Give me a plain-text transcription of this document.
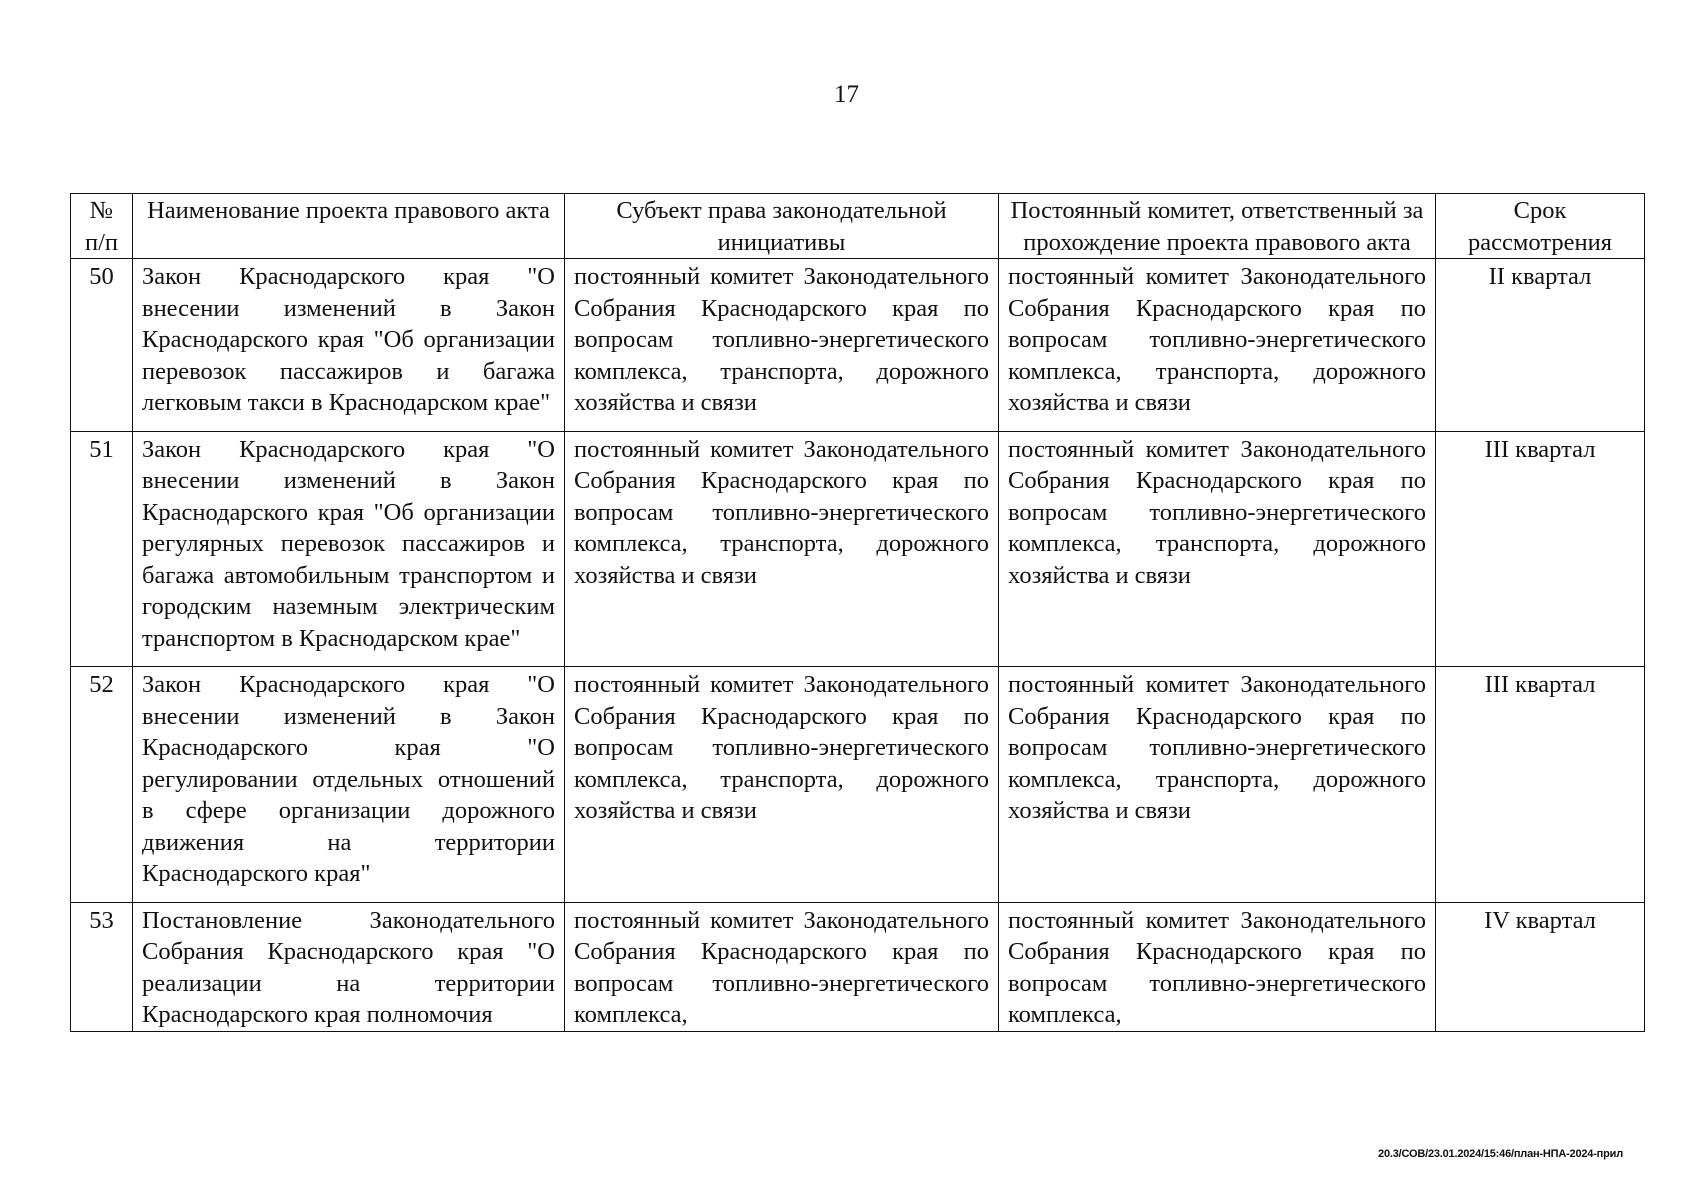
17
№ п/п	Наименование проекта правового акта	Субъект права законодательной инициативы	Постоянный комитет, ответственный за прохождение проекта правового акта	Срок рассмотрения
50	Закон Краснодарского края "О внесении изменений в Закон Краснодарского края "Об организации перевозок пассажиров и багажа легковым такси в Краснодарском крае"	постоянный комитет Законодательного Собрания Краснодарского края по вопросам топливно-энергетического комплекса, транспорта, дорожного хозяйства и связи	постоянный комитет Законодательного Собрания Краснодарского края по вопросам топливно-энергетического комплекса, транспорта, дорожного хозяйства и связи	II квартал
51	Закон Краснодарского края "О внесении изменений в Закон Краснодарского края "Об организации регулярных перевозок пассажиров и багажа автомобильным транспортом и городским наземным электрическим транспортом в Краснодарском крае"	постоянный комитет Законодательного Собрания Краснодарского края по вопросам топливно-энергетического комплекса, транспорта, дорожного хозяйства и связи	постоянный комитет Законодательного Собрания Краснодарского края по вопросам топливно-энергетического комплекса, транспорта, дорожного хозяйства и связи	III квартал
52	Закон Краснодарского края "О внесении изменений в Закон Краснодарского края "О регулировании отдельных отношений в сфере организации дорожного движения на территории Краснодарского края"	постоянный комитет Законодательного Собрания Краснодарского края по вопросам топливно-энергетического комплекса, транспорта, дорожного хозяйства и связи	постоянный комитет Законодательного Собрания Краснодарского края по вопросам топливно-энергетического комплекса, транспорта, дорожного хозяйства и связи	III квартал
53	Постановление Законодательного Собрания Краснодарского края "О реализации на территории Краснодарского края полномочия	постоянный комитет Законодательного Собрания Краснодарского края по вопросам топливно-энергетического комплекса,	постоянный комитет Законодательного Собрания Краснодарского края по вопросам топливно-энергетического комплекса,	IV квартал
20.3/СОВ/23.01.2024/15:46/план-НПА-2024-прил
